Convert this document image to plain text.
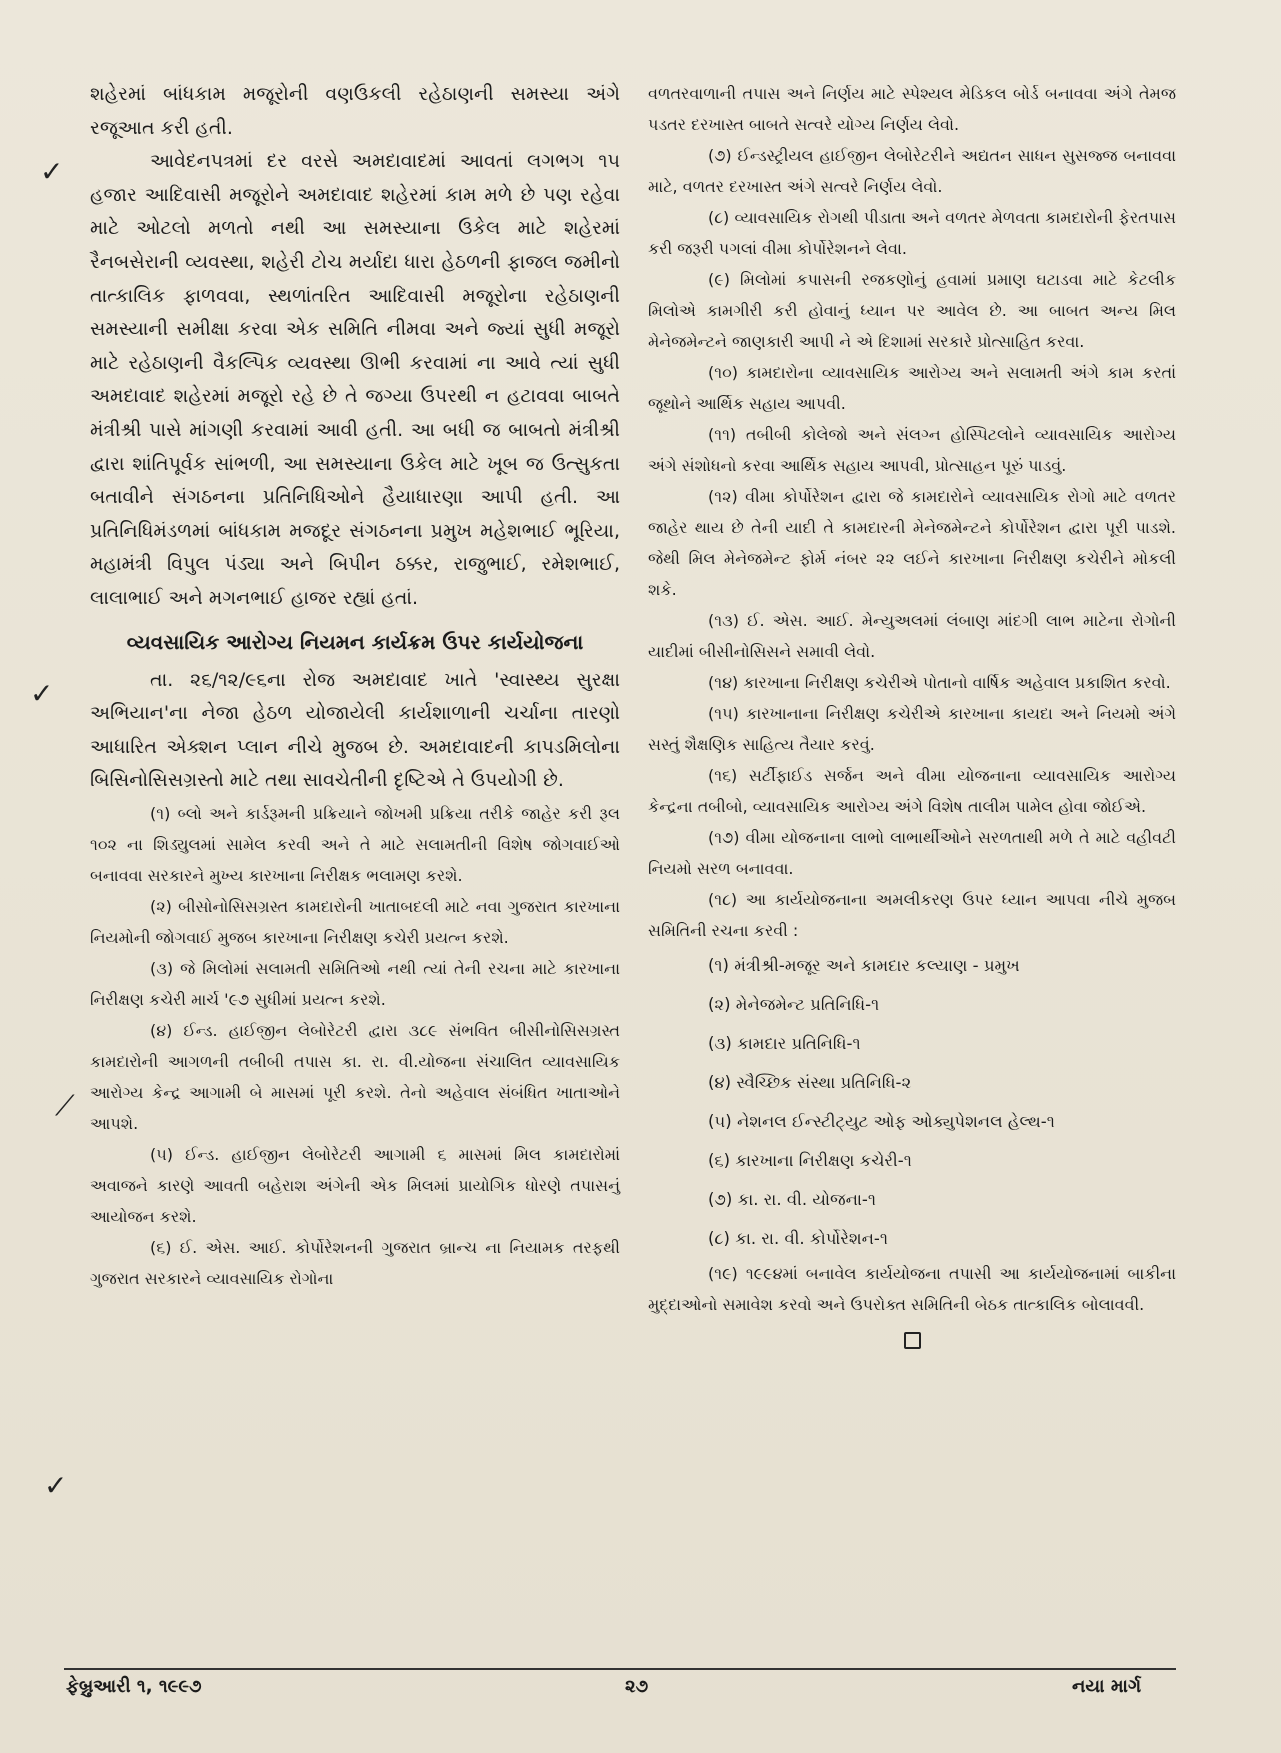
✓
✓
⟋
✓

શહેરમાં બાંધકામ મજૂરોની વણઉકલી રહેઠાણની સમસ્યા અંગે રજૂઆત કરી હતી.

આવેદનપત્રમાં દર વરસે અમદાવાદમાં આવતાં લગભગ ૧૫ હજાર આદિવાસી મજૂરોને અમદાવાદ શહેરમાં કામ મળે છે પણ રહેવા માટે ઓટલો મળતો નથી આ સમસ્યાના ઉકેલ માટે શહેરમાં રૈનબસેરાની વ્યવસ્થા, શહેરી ટોચ મર્યાદા ધારા હેઠળની ફાજલ જમીનો તાત્કાલિક ફાળવવા, સ્થળાંતરિત આદિવાસી મજૂરોના રહેઠાણની સમસ્યાની સમીક્ષા કરવા એક સમિતિ નીમવા અને જ્યાં સુધી મજૂરો માટે રહેઠાણની વૈકલ્પિક વ્યવસ્થા ઊભી કરવામાં ના આવે ત્યાં સુધી અમદાવાદ શહેરમાં મજૂરો રહે છે તે જગ્યા ઉપરથી ન હટાવવા બાબતે મંત્રીશ્રી પાસે માંગણી કરવામાં આવી હતી. આ બધી જ બાબતો મંત્રીશ્રી દ્વારા શાંતિપૂર્વક સાંભળી, આ સમસ્યાના ઉકેલ માટે ખૂબ જ ઉત્સુકતા બતાવીને સંગઠનના પ્રતિનિધિઓને હૈયાધારણા આપી હતી. આ પ્રતિનિધિમંડળમાં બાંધકામ મજદૂર સંગઠનના પ્રમુખ મહેશભાઈ ભૂરિયા, મહામંત્રી વિપુલ પંડ્યા અને બિપીન ઠક્કર, રાજુભાઈ, રમેશભાઈ, લાલાભાઈ અને મગનભાઈ હાજર રહ્યાં હતાં.

વ્યવસાયિક આરોગ્ય નિયમન કાર્યક્રમ ઉપર કાર્યયોજના

તા. ૨૬/૧૨/૯૬ના રોજ અમદાવાદ ખાતે 'સ્વાસ્થ્ય સુરક્ષા અભિયાન'ના નેજા હેઠળ યોજાયેલી કાર્યશાળાની ચર્ચાના તારણો આધારિત એક્શન પ્લાન નીચે મુજબ છે. અમદાવાદની કાપડમિલોના બિસિનોસિસગ્રસ્તો માટે તથા સાવચેતીની દૃષ્ટિએ તે ઉપયોગી છે.

(૧) બ્લો અને કાર્ડરૂમની પ્રક્રિયાને જોખમી પ્રક્રિયા તરીકે જાહેર કરી રૂલ ૧૦૨ ના શિડ્યુલમાં સામેલ કરવી અને તે માટે સલામતીની વિશેષ જોગવાઈઓ બનાવવા સરકારને મુખ્ય કારખાના નિરીક્ષક ભલામણ કરશે.

(૨) બીસોનોસિસગ્રસ્ત કામદારોની ખાતાબદલી માટે નવા ગુજરાત કારખાના નિયમોની જોગવાઈ મુજબ કારખાના નિરીક્ષણ કચેરી પ્રયત્ન કરશે.

(૩) જે મિલોમાં સલામતી સમિતિઓ નથી ત્યાં તેની રચના માટે કારખાના નિરીક્ષણ કચેરી માર્ચ '૯૭ સુધીમાં પ્રયત્ન કરશે.

(૪) ઈન્ડ. હાઈજીન લેબોરેટરી દ્વારા ૩૮૯ સંભવિત બીસીનોસિસગ્રસ્ત કામદારોની આગળની તબીબી તપાસ કા. રા. વી.યોજના સંચાલિત વ્યાવસાયિક આરોગ્ય કેન્દ્ર આગામી બે માસમાં પૂરી કરશે. તેનો અહેવાલ સંબંધિત ખાતાઓને આપશે.

(૫) ઈન્ડ. હાઈજીન લેબોરેટરી આગામી ૬ માસમાં મિલ કામદારોમાં અવાજને કારણે આવતી બહેરાશ અંગેની એક મિલમાં પ્રાયોગિક ધોરણે તપાસનું આયોજન કરશે.

(૬) ઈ. એસ. આઈ. કોર્પોરેશનની ગુજરાત બ્રાન્ચ ના નિયામક તરફથી ગુજરાત સરકારને વ્યાવસાયિક રોગોના

વળતરવાળાની તપાસ અને નિર્ણય માટે સ્પેશ્યલ મેડિકલ બોર્ડ બનાવવા અંગે તેમજ પડતર દરખાસ્ત બાબતે સત્વરે યોગ્ય નિર્ણય લેવો.

(૭) ઈન્ડસ્ટ્રીયલ હાઈજીન લેબોરેટરીને અદ્યતન સાધન સુસજ્જ બનાવવા માટે, વળતર દરખાસ્ત અંગે સત્વરે નિર્ણય લેવો.

(૮) વ્યાવસાયિક રોગથી પીડાતા અને વળતર મેળવતા કામદારોની ફેરતપાસ કરી જરૂરી પગલાં વીમા કોર્પોરેશનને લેવા.

(૯) મિલોમાં કપાસની રજકણોનું હવામાં પ્રમાણ ઘટાડવા માટે કેટલીક મિલોએ કામગીરી કરી હોવાનું ધ્યાન પર આવેલ છે. આ બાબત અન્ય મિલ મેનેજમેન્ટને જાણકારી આપી ને એ દિશામાં સરકારે પ્રોત્સાહિત કરવા.

(૧૦) કામદારોના વ્યાવસાયિક આરોગ્ય અને સલામતી અંગે કામ કરતાં જૂથોને આર્થિક સહાય આપવી.

(૧૧) તબીબી કોલેજો અને સંલગ્ન હોસ્પિટલોને વ્યાવસાયિક આરોગ્ય અંગે સંશોધનો કરવા આર્થિક સહાય આપવી, પ્રોત્સાહન પૂરું પાડવું.

(૧૨) વીમા કોર્પોરેશન દ્વારા જે કામદારોને વ્યાવસાયિક રોગો માટે વળતર જાહેર થાય છે તેની યાદી તે કામદારની મેનેજમેન્ટને કોર્પોરેશન દ્વારા પૂરી પાડશે. જેથી મિલ મેનેજમેન્ટ ફોર્મ નંબર ૨૨ લઈને કારખાના નિરીક્ષણ કચેરીને મોકલી શકે.

(૧૩) ઈ. એસ. આઈ. મેન્યુઅલમાં લંબાણ માંદગી લાભ માટેના રોગોની યાદીમાં બીસીનોસિસને સમાવી લેવો.

(૧૪) કારખાના નિરીક્ષણ કચેરીએ પોતાનો વાર્ષિક અહેવાલ પ્રકાશિત કરવો.

(૧૫) કારખાનાના નિરીક્ષણ કચેરીએ કારખાના કાયદા અને નિયમો અંગે સસ્તું શૈક્ષણિક સાહિત્ય તૈયાર કરવું.

(૧૬) સર્ટીફાઈડ સર્જન અને વીમા યોજનાના વ્યાવસાયિક આરોગ્ય કેન્દ્રના તબીબો, વ્યાવસાયિક આરોગ્ય અંગે વિશેષ તાલીમ પામેલ હોવા જોઈએ.

(૧૭) વીમા યોજનાના લાભો લાભાર્થીઓને સરળતાથી મળે તે માટે વહીવટી નિયમો સરળ બનાવવા.

(૧૮) આ કાર્યયોજનાના અમલીકરણ ઉપર ધ્યાન આપવા નીચે મુજબ સમિતિની રચના કરવી :

(૧) મંત્રીશ્રી-મજૂર અને કામદાર કલ્યાણ - પ્રમુખ

(૨) મેનેજમેન્ટ પ્રતિનિધિ-૧

(૩) કામદાર પ્રતિનિધિ-૧

(૪) સ્વૈચ્છિક સંસ્થા પ્રતિનિધિ-૨

(૫) નેશનલ ઈન્સ્ટીટ્યુટ ઓફ ઓક્યુપેશનલ હેલ્થ-૧

(૬) કારખાના નિરીક્ષણ કચેરી-૧

(૭) કા. રા. વી. યોજના-૧

(૮) કા. રા. વી. કોર્પોરેશન-૧

(૧૯) ૧૯૯૪માં બનાવેલ કાર્યયોજના તપાસી આ કાર્યયોજનામાં બાકીના મુદ્દાઓનો સમાવેશ કરવો અને ઉપરોક્ત સમિતિની બેઠક તાત્કાલિક બોલાવવી.

ફેબ્રુઆરી ૧, ૧૯૯૭	૨૭	નયા માર્ગ
